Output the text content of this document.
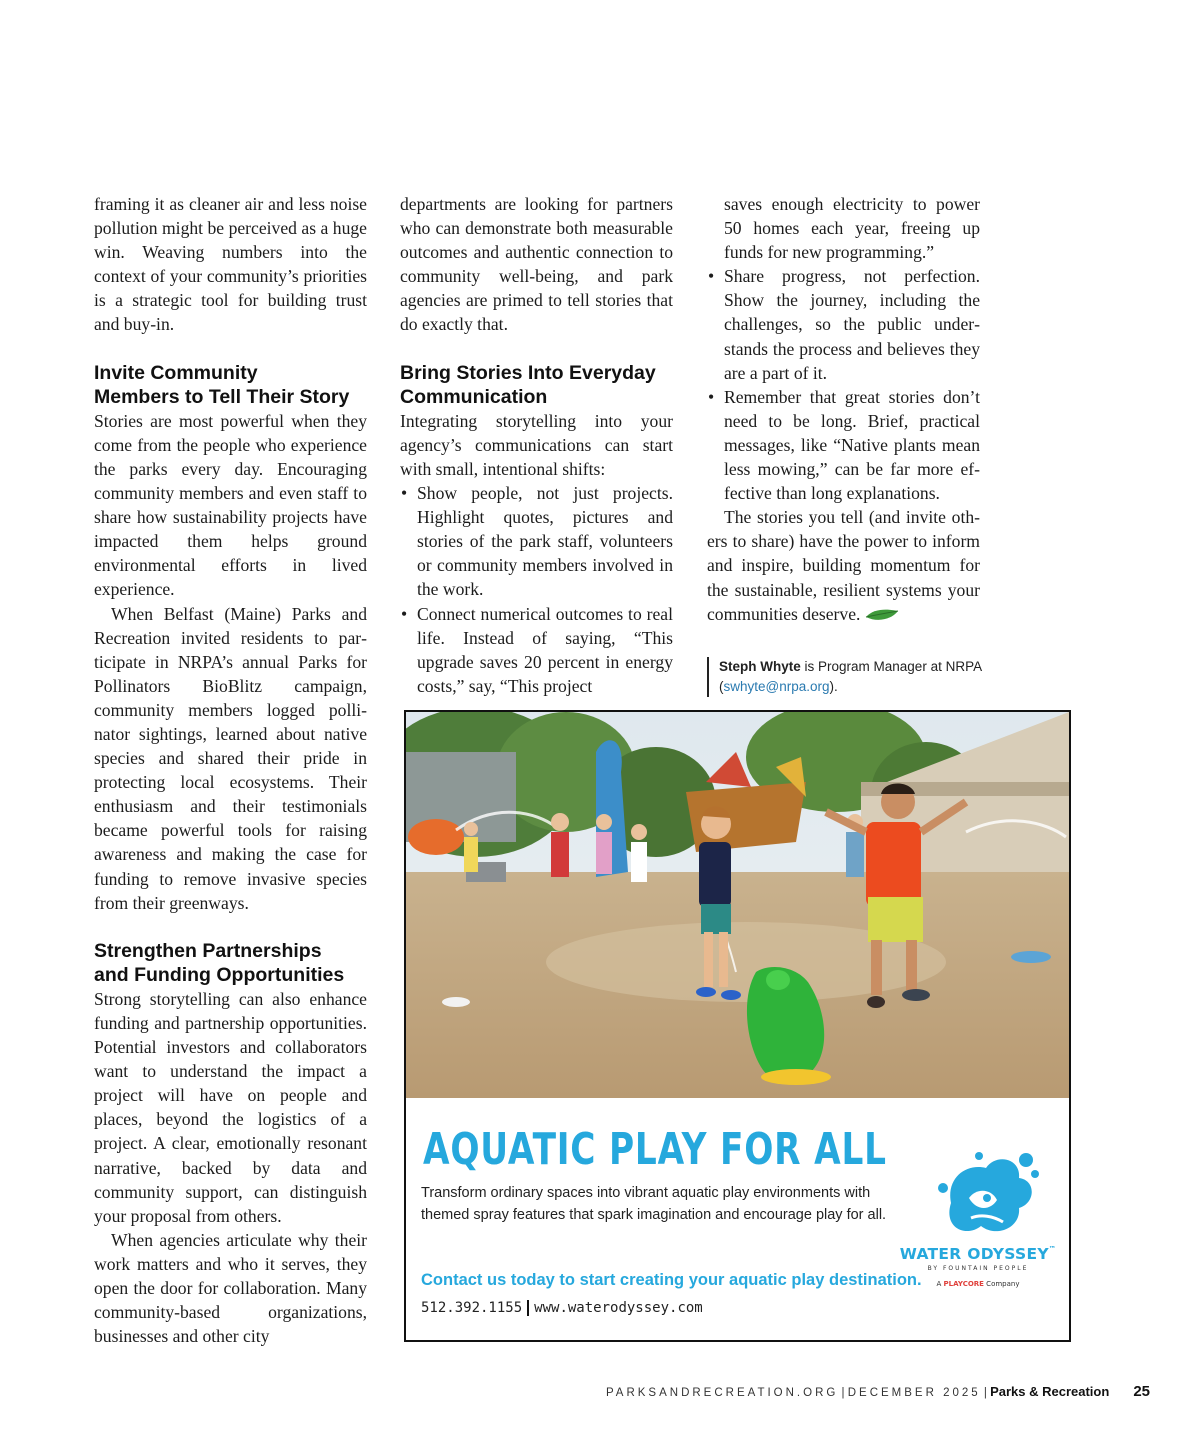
framing it as cleaner air and less noise pollution might be perceived as a huge win. Weaving numbers into the context of your community’s priorities is a strategic tool for building trust and buy-in.

Invite Community
Members to Tell Their Story

Stories are most powerful when they come from the people who experience the parks every day. Encouraging community members and even staff to share how sustainability projects have impacted them helps ground environmental efforts in lived experience.

When Belfast (Maine) Parks and Recreation invited residents to participate in NRPA’s annual Parks for Pollinators BioBlitz campaign, community members logged pollinator sightings, learned about native species and shared their pride in protecting local ecosystems. Their enthusiasm and their testimonials became powerful tools for raising awareness and making the case for funding to remove invasive species from their greenways.

Strengthen Partnerships
and Funding Opportunities

Strong storytelling can also enhance funding and partnership opportunities. Potential investors and collaborators want to understand the impact a project will have on people and places, beyond the logistics of a project. A clear, emotionally resonant narrative, backed by data and community support, can distinguish your proposal from others.

When agencies articulate why their work matters and who it serves, they open the door for collaboration. Many community-based organizations, businesses and other city

departments are looking for partners who can demonstrate both measurable outcomes and authentic connection to community well-being, and park agencies are primed to tell stories that do exactly that.

Bring Stories Into Everyday
Communication

Integrating storytelling into your agency’s communications can start with small, intentional shifts:

• Show people, not just projects. Highlight quotes, pictures and stories of the park staff, volunteers or community members involved in the work.
• Connect numerical outcomes to real life. Instead of saying, “This upgrade saves 20 percent in energy costs,” say, “This project

saves enough electricity to power 50 homes each year, freeing up funds for new programming.”

• Share progress, not perfection. Show the journey, including the challenges, so the public understands the process and believes they are a part of it.
• Remember that great stories don’t need to be long. Brief, practical messages, like “Native plants mean less mowing,” can be far more effective than long explanations.

The stories you tell (and invite others to share) have the power to inform and inspire, building momentum for the sustainable, resilient systems your communities deserve.

Steph Whyte is Program Manager at NRPA (swhyte@nrpa.org).
AQUATIC PLAY FOR ALL

Transform ordinary spaces into vibrant aquatic play environments with themed spray features that spark imagination and encourage play for all.

Contact us today to start creating your aquatic play destination.

512.392.1155 www.waterodyssey.com

WATER ODYSSEY™
BY FOUNTAIN PEOPLE
A PLAYCORE Company
PARKSANDRECREATION.ORG | DECEMBER 2025 | Parks & Recreation 25
